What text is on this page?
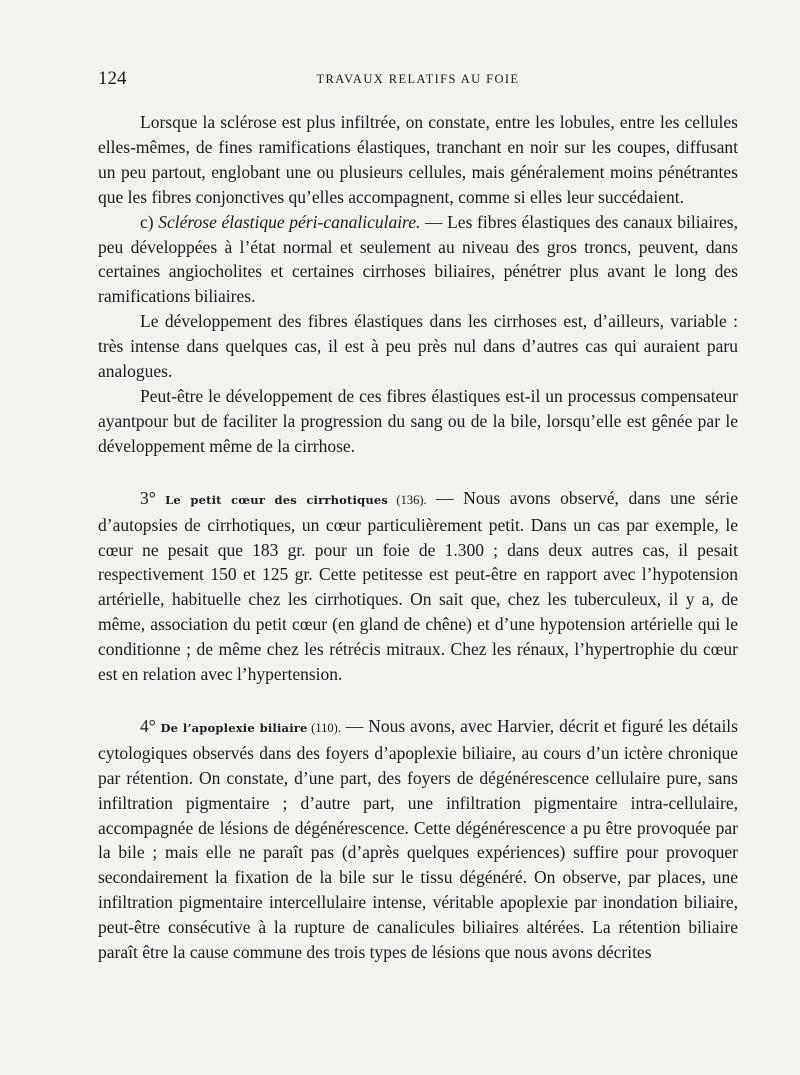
124	TRAVAUX RELATIFS AU FOIE

Lorsque la sclérose est plus infiltrée, on constate, entre les lobules, entre les cellules elles-mêmes, de fines ramifications élastiques, tranchant en noir sur les coupes, diffusant un peu partout, englobant une ou plusieurs cellules, mais généralement moins pénétrantes que les fibres conjonctives qu’elles accompagnent, comme si elles leur succédaient.

c) Sclérose élastique péri-canaliculaire. — Les fibres élastiques des canaux biliaires, peu développées à l’état normal et seulement au niveau des gros troncs, peuvent, dans certaines angiocholites et certaines cirrhoses biliaires, pénétrer plus avant le long des ramifications biliaires.

Le développement des fibres élastiques dans les cirrhoses est, d’ailleurs, variable : très intense dans quelques cas, il est à peu près nul dans d’autres cas qui auraient paru analogues.

Peut-être le développement de ces fibres élastiques est-il un processus compensateur ayantpour but de faciliter la progression du sang ou de la bile, lorsqu’elle est gênée par le développement même de la cirrhose.

3° Le petit cœur des cirrhotiques (136). — Nous avons observé, dans une série d’autopsies de cirrhotiques, un cœur particulièrement petit. Dans un cas par exemple, le cœur ne pesait que 183 gr. pour un foie de 1.300 ; dans deux autres cas, il pesait respectivement 150 et 125 gr. Cette petitesse est peut-être en rapport avec l’hypotension artérielle, habituelle chez les cirrhotiques. On sait que, chez les tuberculeux, il y a, de même, association du petit cœur (en gland de chêne) et d’une hypotension artérielle qui le conditionne ; de même chez les rétrécis mitraux. Chez les rénaux, l’hypertrophie du cœur est en relation avec l’hypertension.

4° De l’apoplexie biliaire (110). — Nous avons, avec Harvier, décrit et figuré les détails cytologiques observés dans des foyers d’apoplexie biliaire, au cours d’un ictère chronique par rétention. On constate, d’une part, des foyers de dégénérescence cellulaire pure, sans infiltration pigmentaire ; d’autre part, une infiltration pigmentaire intra-cellulaire, accompagnée de lésions de dégénérescence. Cette dégénérescence a pu être provoquée par la bile ; mais elle ne paraît pas (d’après quelques expériences) suffire pour provoquer secondairement la fixation de la bile sur le tissu dégénéré. On observe, par places, une infiltration pigmentaire intercellulaire intense, véritable apoplexie par inondation biliaire, peut-être consécutive à la rupture de canalicules biliaires altérées. La rétention biliaire paraît être la cause commune des trois types de lésions que nous avons décrites
